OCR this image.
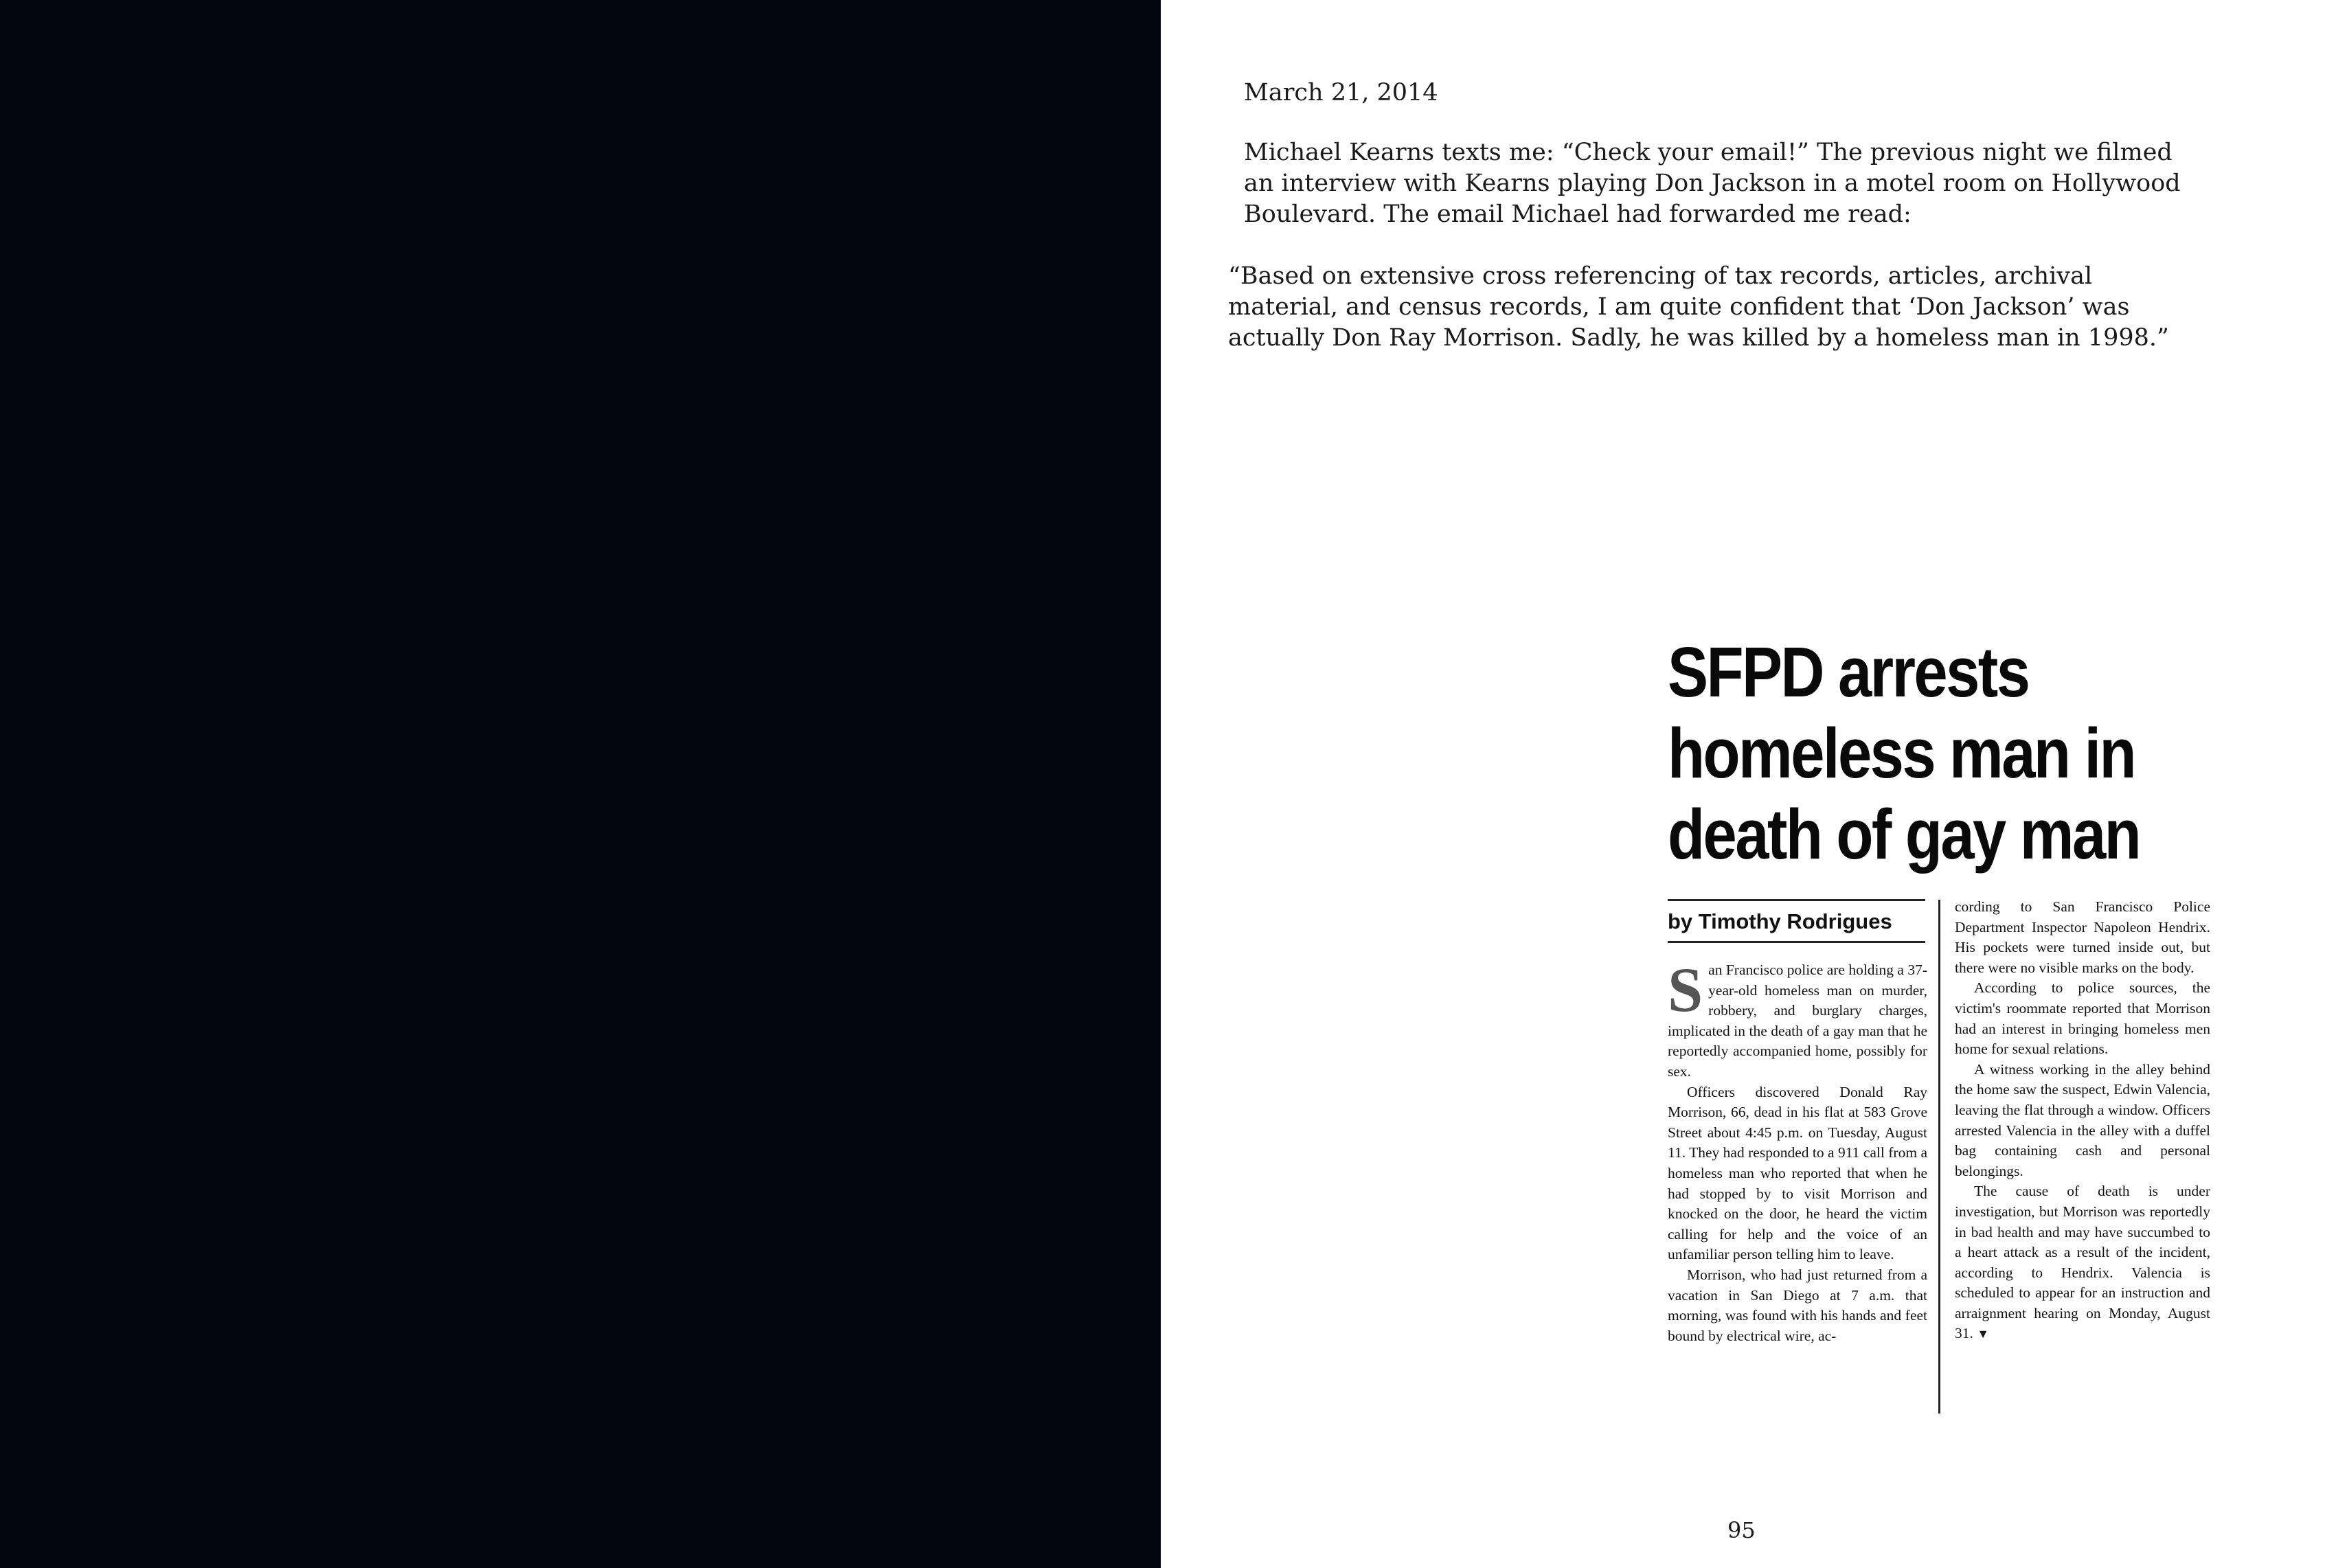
March 21, 2014
Michael Kearns texts me: “Check your email!” The previous night we filmed an interview with Kearns playing Don Jackson in a motel room on Hollywood Boulevard. The email Michael had forwarded me read:

“Based on extensive cross referencing of tax records, articles, archival material, and census records, I am quite confident that ‘Don Jackson’ was actually Don Ray Morrison. Sadly, he was killed by a homeless man in 1998.”

SFPD arrests
homeless man in
death of gay man
by Timothy Rodrigues

San Francisco police are holding a 37-year-old homeless man on murder, robbery, and burglary charges, implicated in the death of a gay man that he reportedly accompanied home, possibly for sex.

Officers discovered Donald Ray Morrison, 66, dead in his flat at 583 Grove Street about 4:45 p.m. on Tuesday, August 11. They had responded to a 911 call from a homeless man who reported that when he had stopped by to visit Morrison and knocked on the door, he heard the victim calling for help and the voice of an unfamiliar person telling him to leave.

Morrison, who had just returned from a vacation in San Diego at 7 a.m. that morning, was found with his hands and feet bound by electrical wire, ac-

cording to San Francisco Police Department Inspector Napoleon Hendrix. His pockets were turned inside out, but there were no visible marks on the body.

According to police sources, the victim's roommate reported that Morrison had an interest in bringing homeless men home for sexual relations.

A witness working in the alley behind the home saw the suspect, Edwin Valencia, leaving the flat through a window. Officers arrested Valencia in the alley with a duffel bag containing cash and personal belongings.

The cause of death is under investigation, but Morrison was reportedly in bad health and may have succumbed to a heart attack as a result of the incident, according to Hendrix. Valencia is scheduled to appear for an instruction and arraignment hearing on Monday, August 31. ▼

95
